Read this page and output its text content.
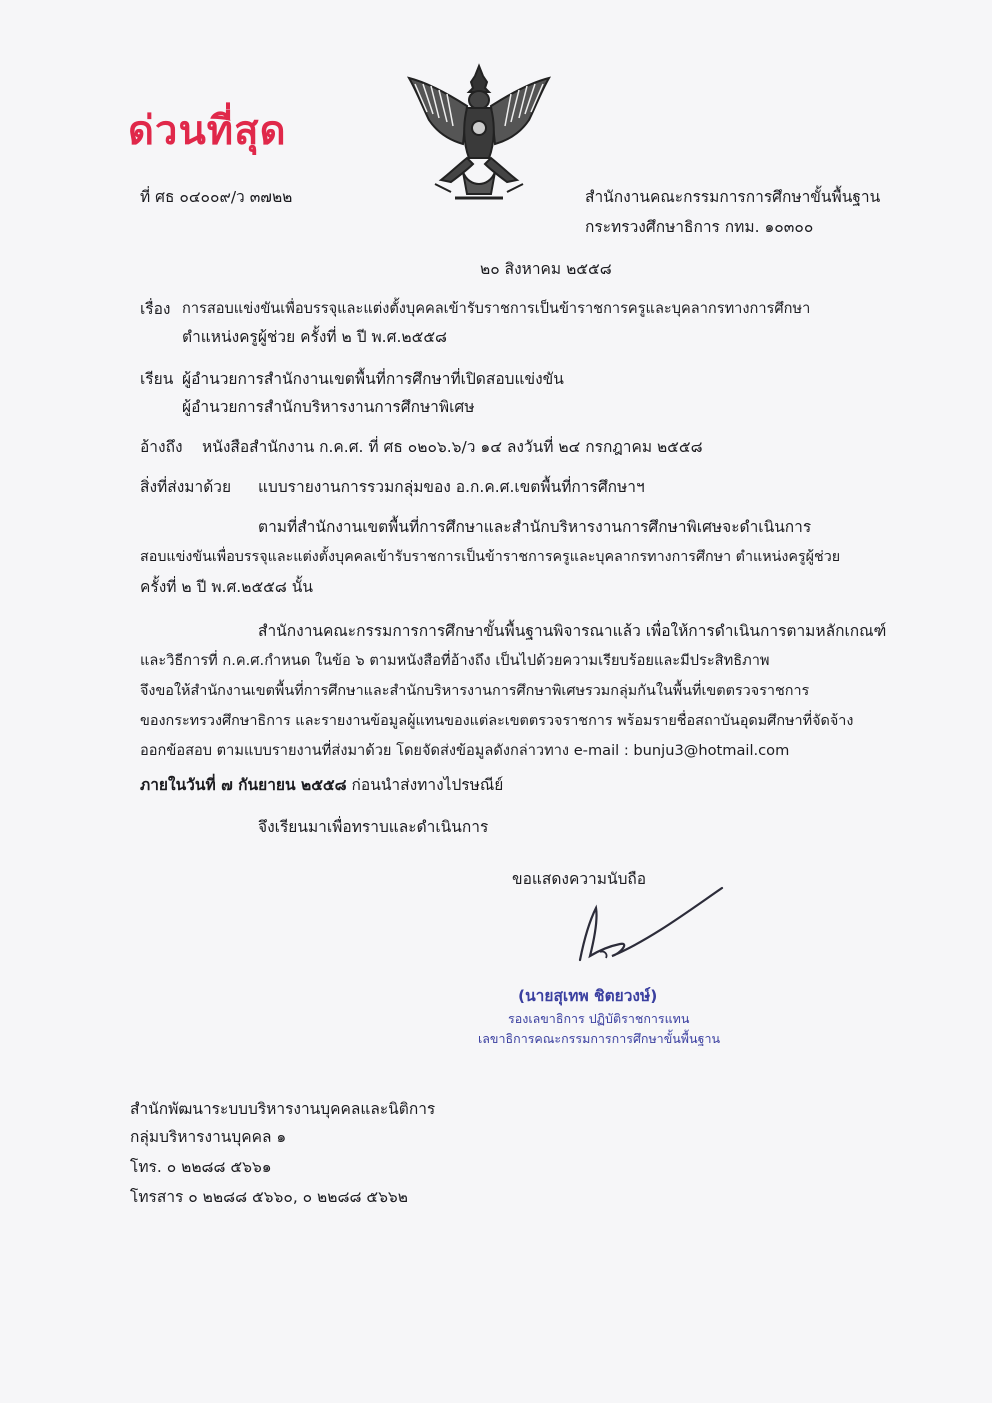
ด่วนที่สุด
ที่ ศธ ๐๔๐๐๙/ว ๓๗๒๒	สำนักงานคณะกรรมการการศึกษาขั้นพื้นฐาน
กระทรวงศึกษาธิการ กทม. ๑๐๓๐๐
๒๐ สิงหาคม ๒๕๕๘
เรื่อง การสอบแข่งขันเพื่อบรรจุและแต่งตั้งบุคคลเข้ารับราชการเป็นข้าราชการครูและบุคลากรทางการศึกษา
ตำแหน่งครูผู้ช่วย ครั้งที่ ๒ ปี พ.ศ.๒๕๕๘
เรียน ผู้อำนวยการสำนักงานเขตพื้นที่การศึกษาที่เปิดสอบแข่งขัน
ผู้อำนวยการสำนักบริหารงานการศึกษาพิเศษ
อ้างถึง หนังสือสำนักงาน ก.ค.ศ. ที่ ศธ ๐๒๐๖.๖/ว ๑๔ ลงวันที่ ๒๔ กรกฎาคม ๒๕๕๘
สิ่งที่ส่งมาด้วย แบบรายงานการรวมกลุ่มของ อ.ก.ค.ศ.เขตพื้นที่การศึกษาฯ
ตามที่สำนักงานเขตพื้นที่การศึกษาและสำนักบริหารงานการศึกษาพิเศษจะดำเนินการ
สอบแข่งขันเพื่อบรรจุและแต่งตั้งบุคคลเข้ารับราชการเป็นข้าราชการครูและบุคลากรทางการศึกษา ตำแหน่งครูผู้ช่วย
ครั้งที่ ๒ ปี พ.ศ.๒๕๕๘ นั้น
สำนักงานคณะกรรมการการศึกษาขั้นพื้นฐานพิจารณาแล้ว เพื่อให้การดำเนินการตามหลักเกณฑ์
และวิธีการที่ ก.ค.ศ.กำหนด ในข้อ ๖ ตามหนังสือที่อ้างถึง เป็นไปด้วยความเรียบร้อยและมีประสิทธิภาพ
จึงขอให้สำนักงานเขตพื้นที่การศึกษาและสำนักบริหารงานการศึกษาพิเศษรวมกลุ่มกันในพื้นที่เขตตรวจราชการ
ของกระทรวงศึกษาธิการ และรายงานข้อมูลผู้แทนของแต่ละเขตตรวจราชการ พร้อมรายชื่อสถาบันอุดมศึกษาที่จัดจ้าง
ออกข้อสอบ ตามแบบรายงานที่ส่งมาด้วย โดยจัดส่งข้อมูลดังกล่าวทาง e-mail : bunju3@hotmail.com
ภายในวันที่ ๗ กันยายน ๒๕๕๘ ก่อนนำส่งทางไปรษณีย์
จึงเรียนมาเพื่อทราบและดำเนินการ
ขอแสดงความนับถือ
(นายสุเทพ ชิตยวงษ์)
รองเลขาธิการ ปฏิบัติราชการแทน
เลขาธิการคณะกรรมการการศึกษาขั้นพื้นฐาน
สำนักพัฒนาระบบบริหารงานบุคคลและนิติการ
กลุ่มบริหารงานบุคคล ๑
โทร. ๐ ๒๒๘๘ ๕๖๖๑
โทรสาร ๐ ๒๒๘๘ ๕๖๖๐, ๐ ๒๒๘๘ ๕๖๖๒
